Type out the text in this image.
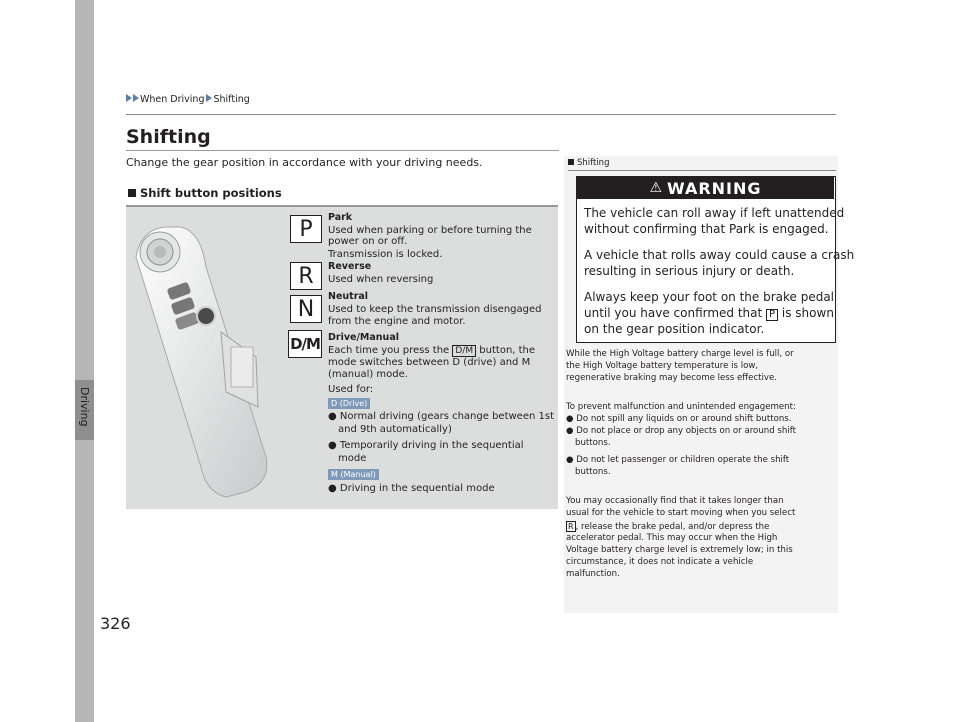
Driving
326
When Driving Shifting
Shifting
Change the gear position in accordance with your driving needs.
Shift button positions
P
R
N
D/M
Park
Used when parking or before turning the
power on or off.
Transmission is locked.
Reverse
Used when reversing
Neutral
Used to keep the transmission disengaged
from the engine and motor.
Drive/Manual
Each time you press the D/M button, the
mode switches between D (drive) and M
(manual) mode.
Used for:
D (Drive)
● Normal driving (gears change between 1st
and 9th automatically)
● Temporarily driving in the sequential
mode
M (Manual)
● Driving in the sequential mode
Shifting
⚠ WARNING
The vehicle can roll away if left unattended
without confirming that Park is engaged.
A vehicle that rolls away could cause a crash
resulting in serious injury or death.
Always keep your foot on the brake pedal
until you have confirmed that P is shown
on the gear position indicator.
While the High Voltage battery charge level is full, or
the High Voltage battery temperature is low,
regenerative braking may become less effective.
To prevent malfunction and unintended engagement:
● Do not spill any liquids on or around shift buttons.
● Do not place or drop any objects on or around shift
buttons.
● Do not let passenger or children operate the shift
buttons.
You may occasionally find that it takes longer than
usual for the vehicle to start moving when you select
R , release the brake pedal, and/or depress the
accelerator pedal. This may occur when the High
Voltage battery charge level is extremely low; in this
circumstance, it does not indicate a vehicle
malfunction.
